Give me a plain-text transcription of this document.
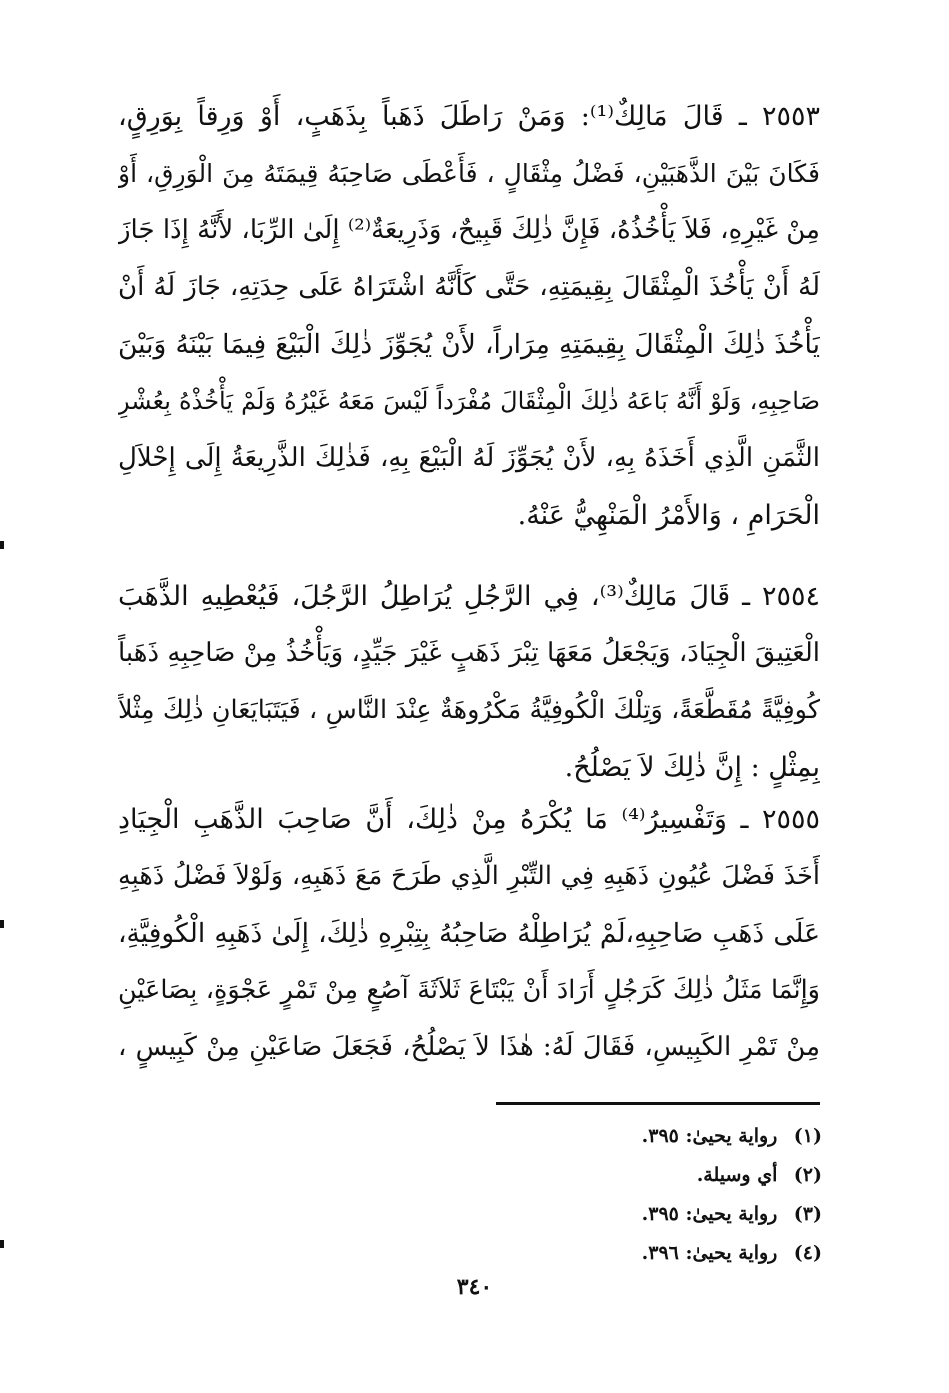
٢٥٥٣ ـ قَالَ مَالِكٌ⁽¹⁾: وَمَنْ رَاطَلَ ذَهَباً بِذَهَبٍ، أَوْ وَرِقاً بِوَرِقٍ،
فَكَانَ بَيْنَ الذَّهَبَيْنِ، فَضْلُ مِثْقَالٍ ، فَأَعْطَى صَاحِبَهُ قِيمَتَهُ مِنَ الْوَرِقِ، أَوْ
مِنْ غَيْرِهِ، فَلاَ يَأْخُذُهُ، فَإِنَّ ذٰلِكَ قَبِيحٌ، وَذَرِيعَةٌ⁽²⁾ إِلَىٰ الرِّبَا، لأَنَّهُ إِذَا جَازَ
لَهُ أَنْ يَأْخُذَ الْمِثْقَالَ بِقِيمَتِهِ، حَتَّى كَأَنَّهُ اشْتَرَاهُ عَلَى حِدَتِهِ، جَازَ لَهُ أَنْ
يَأْخُذَ ذٰلِكَ الْمِثْقَالَ بِقِيمَتِهِ مِرَاراً، لأَنْ يُجَوِّزَ ذٰلِكَ الْبَيْعَ فِيمَا بَيْنَهُ وَبَيْنَ
صَاحِبِهِ، وَلَوْ أَنَّهُ بَاعَهُ ذٰلِكَ الْمِثْقَالَ مُفْرَداً لَيْسَ مَعَهُ غَيْرُهُ وَلَمْ يَأْخُذْهُ بِعُشْرِ
الثَّمَنِ الَّذِي أَخَذَهُ بِهِ، لأَنْ يُجَوِّزَ لَهُ الْبَيْعَ بِهِ، فَذٰلِكَ الذَّرِيعَةُ إِلَى إِحْلاَلِ
الْحَرَامِ ، وَالأَمْرُ الْمَنْهِيُّ عَنْهُ.
٢٥٥٤ ـ قَالَ مَالِكٌ⁽³⁾، فِي الرَّجُلِ يُرَاطِلُ الرَّجُلَ، فَيُعْطِيهِ الذَّهَبَ
الْعَتِيقَ الْجِيَادَ، وَيَجْعَلُ مَعَهَا تِبْرَ ذَهَبٍ غَيْرَ جَيِّدٍ، وَيَأْخُذُ مِنْ صَاحِبِهِ ذَهَباً
كُوفِيَّةً مُقَطَّعَةً، وَتِلْكَ الْكُوفِيَّةُ مَكْرُوهَةٌ عِنْدَ النَّاسِ ، فَيَتَبَايَعَانِ ذٰلِكَ مِثْلاً
بِمِثْلٍ : إِنَّ ذٰلِكَ لاَ يَصْلُحُ.
٢٥٥٥ ـ وَتَفْسِيرُ⁽⁴⁾ مَا يُكْرَهُ مِنْ ذٰلِكَ، أَنَّ صَاحِبَ الذَّهَبِ الْجِيَادِ
أَخَذَ فَضْلَ عُيُونِ ذَهَبِهِ فِي التِّبْرِ الَّذِي طَرَحَ مَعَ ذَهَبِهِ، وَلَوْلاَ فَضْلُ ذَهَبِهِ
عَلَى ذَهَبِ صَاحِبِهِ،لَمْ يُرَاطِلْهُ صَاحِبُهُ بِتِبْرِهِ ذٰلِكَ، إِلَىٰ ذَهَبِهِ الْكُوفِيَّةِ،
وَإِنَّمَا مَثَلُ ذٰلِكَ كَرَجُلٍ أَرَادَ أَنْ يَبْتَاعَ ثَلاَثَةَ آصُعٍ مِنْ تَمْرٍ عَجْوَةٍ، بِصَاعَيْنِ
مِنْ تَمْرِ الكَبِيسِ، فَقَالَ لَهُ: هٰذَا لاَ يَصْلُحُ، فَجَعَلَ صَاعَيْنِ مِنْ كَبِيسٍ ،
(١) رواية يحيىٰ: ٣٩٥.
(٢) أي وسيلة.
(٣) رواية يحيىٰ: ٣٩٥.
(٤) رواية يحيىٰ: ٣٩٦.
٣٤٠
